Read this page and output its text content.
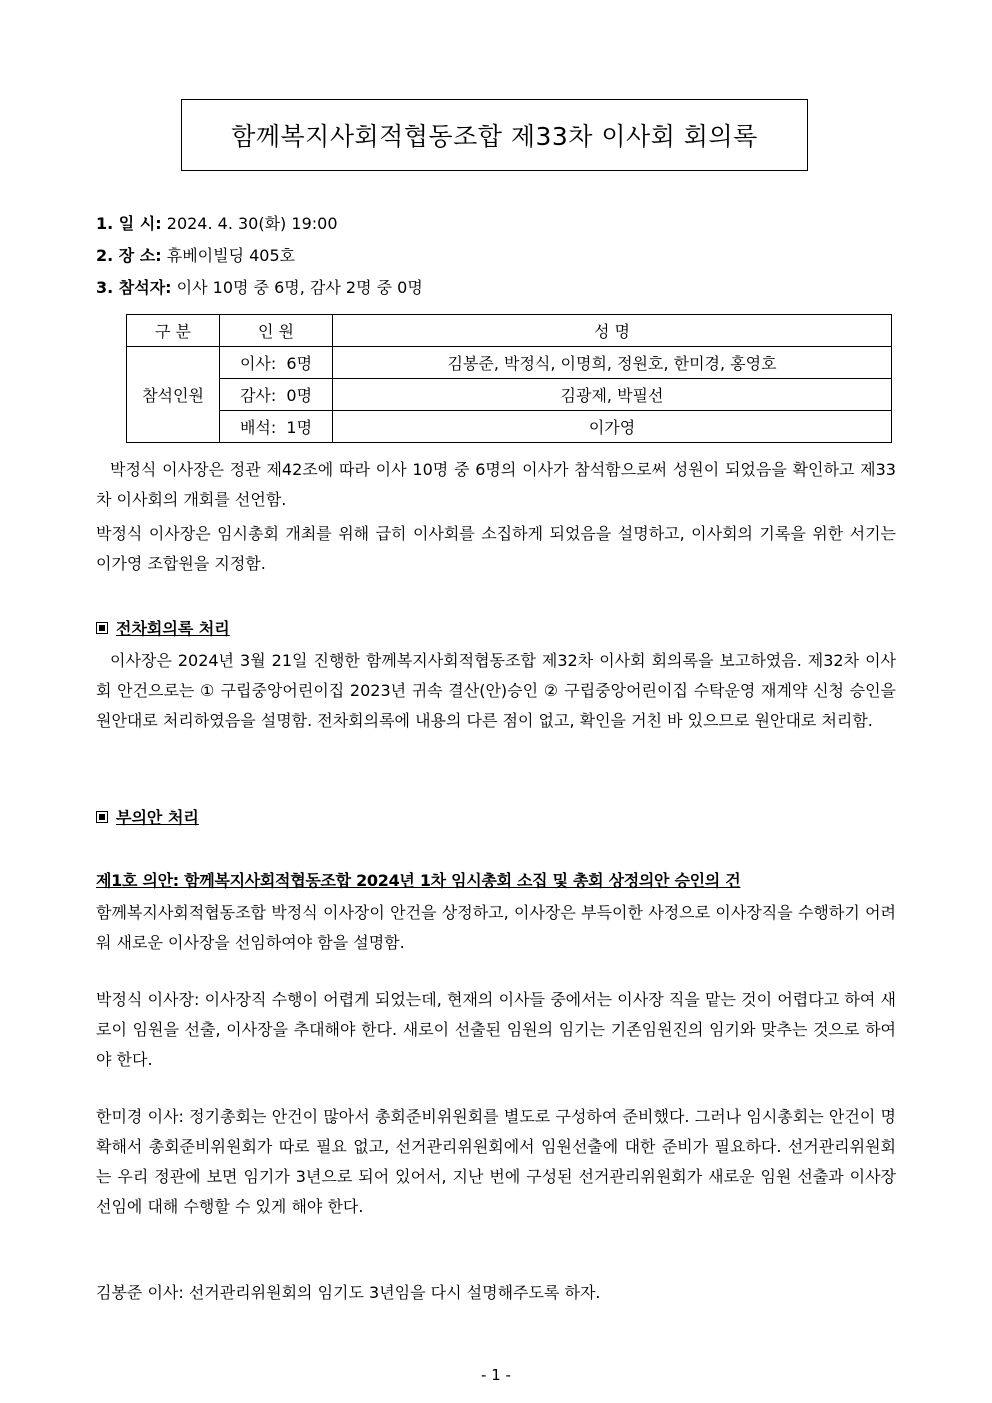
함께복지사회적협동조합 제33차 이사회 회의록
1. 일 시: 2024. 4. 30(화) 19:00
2. 장 소: 휴베이빌딩 405호
3. 참석자: 이사 10명 중 6명, 감사 2명 중 0명
구 분	인 원	성 명
참석인원	이사:  6명	김봉준, 박정식, 이명희, 정원호, 한미경, 홍영호
	감사:  0명	김광제, 박필선
	배석:  1명	이가영

박정식 이사장은 정관 제42조에 따라 이사 10명 중 6명의 이사가 참석함으로써 성원이 되었음을 확인하고 제33차 이사회의 개회를 선언함.

박정식 이사장은 임시총회 개최를 위해 급히 이사회를 소집하게 되었음을 설명하고, 이사회의 기록을 위한 서기는 이가영 조합원을 지정함.

전차회의록 처리

이사장은 2024년 3월 21일 진행한 함께복지사회적협동조합 제32차 이사회 회의록을 보고하였음. 제32차 이사회 안건으로는 ① 구립중앙어린이집 2023년 귀속 결산(안)승인 ② 구립중앙어린이집 수탁운영 재계약 신청 승인을 원안대로 처리하였음을 설명함. 전차회의록에 내용의 다른 점이 없고, 확인을 거친 바 있으므로 원안대로 처리함.

부의안 처리
제1호 의안: 함께복지사회적협동조합 2024년 1차 임시총회 소집 및 총회 상정의안 승인의 건

함께복지사회적협동조합 박정식 이사장이 안건을 상정하고, 이사장은 부득이한 사정으로 이사장직을 수행하기 어려워 새로운 이사장을 선임하여야 함을 설명함.

박정식 이사장: 이사장직 수행이 어렵게 되었는데, 현재의 이사들 중에서는 이사장 직을 맡는 것이 어렵다고 하여 새로이 임원을 선출, 이사장을 추대해야 한다. 새로이 선출된 임원의 임기는 기존임원진의 임기와 맞추는 것으로 하여야 한다.

한미경 이사: 정기총회는 안건이 많아서 총회준비위원회를 별도로 구성하여 준비했다. 그러나 임시총회는 안건이 명확해서 총회준비위원회가 따로 필요 없고, 선거관리위원회에서 임원선출에 대한 준비가 필요하다. 선거관리위원회는 우리 정관에 보면 임기가 3년으로 되어 있어서, 지난 번에 구성된 선거관리위원회가 새로운 임원 선출과 이사장선임에 대해 수행할 수 있게 해야 한다.

김봉준 이사: 선거관리위원회의 임기도 3년임을 다시 설명해주도록 하자.

- 1 -
